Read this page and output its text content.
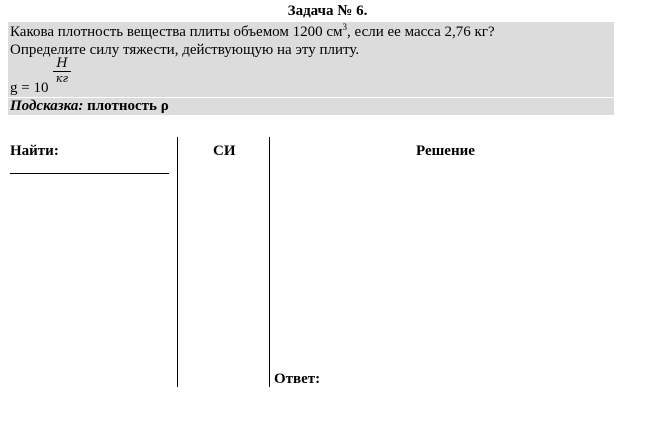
Задача № 6.
Какова плотность вещества плиты объемом 1200 $см^3$, если ее масса 2,76 кг?
Определите силу тяжести, действующую на эту плиту.
Н
кг
g = 10
Подсказка: плотность ρ
Найти:	СИ	Решение
Ответ:
